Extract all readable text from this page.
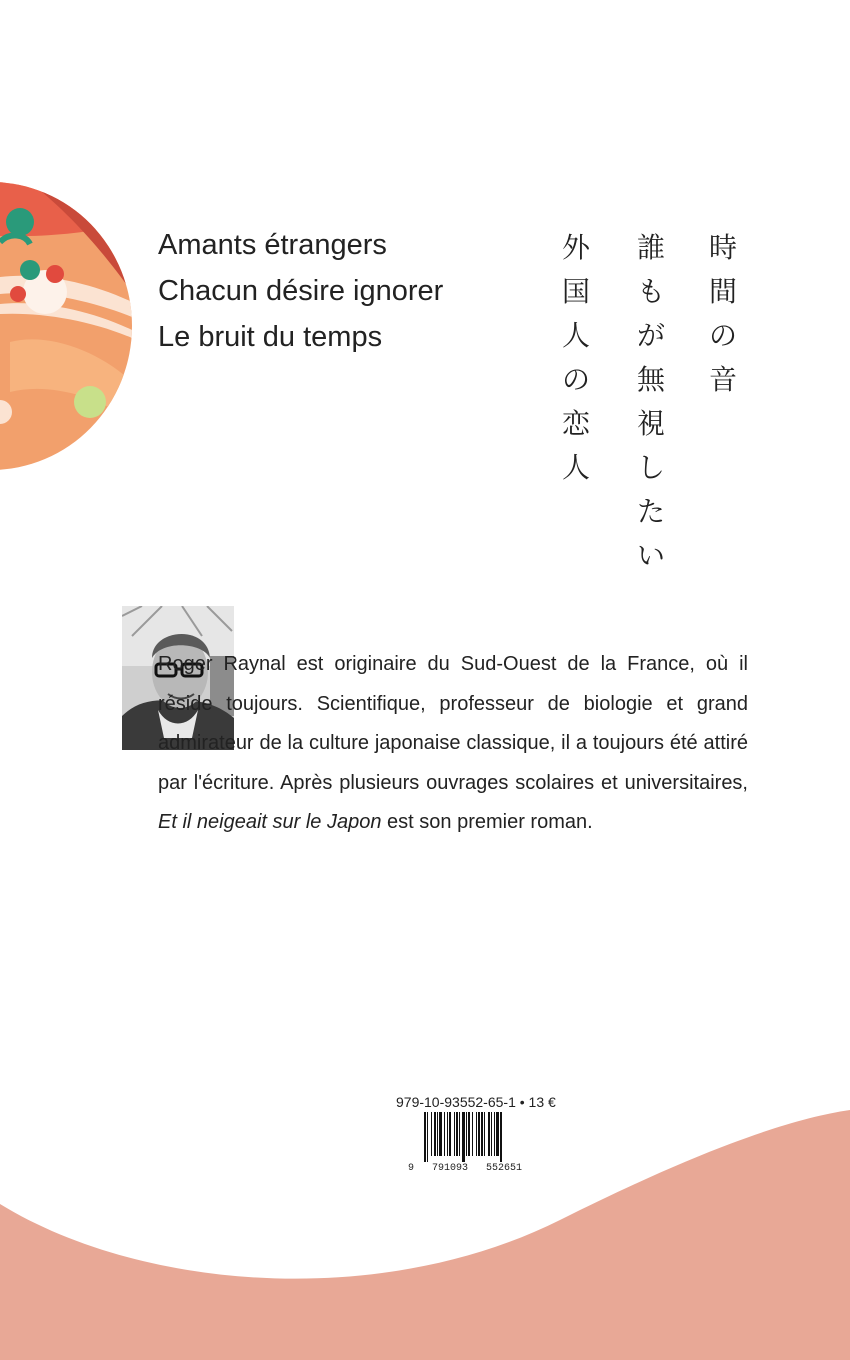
Amants étrangers
Chacun désire ignorer
Le bruit du temps
時
間
の
音
誰
も
が
無
視
し
た
い
外
国
人
の
恋
人
Roger Raynal est originaire du Sud-Ouest de la France, où il réside toujours. Scientifique, professeur de biologie et grand admirateur de la culture japonaise classique, il a toujours été attiré par l'écriture. Après plusieurs ouvrages scolaires et universitaires, Et il neigeait sur le Japon est son premier roman.
979-10-93552-65-1 • 13 €
9 791093 552651
